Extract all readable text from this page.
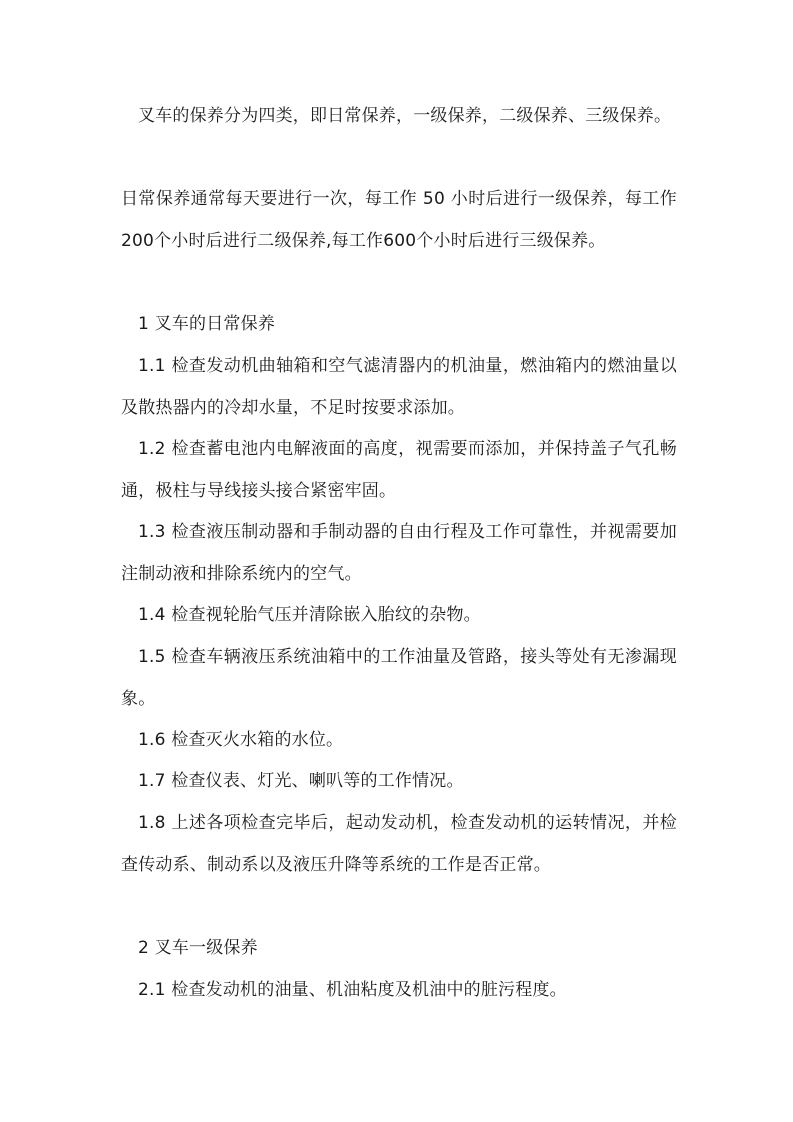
叉车的保养分为四类，即日常保养，一级保养，二级保养、三级保养。

日常保养通常每天要进行一次，每工作 50 小时后进行一级保养，每工作200个小时后进行二级保养,每工作600个小时后进行三级保养。

1 叉车的日常保养

1.1 检查发动机曲轴箱和空气滤清器内的机油量，燃油箱内的燃油量以及散热器内的冷却水量，不足时按要求添加。

1.2 检查蓄电池内电解液面的高度，视需要而添加，并保持盖子气孔畅通，极柱与导线接头接合紧密牢固。

1.3 检查液压制动器和手制动器的自由行程及工作可靠性，并视需要加注制动液和排除系统内的空气。

1.4 检查视轮胎气压并清除嵌入胎纹的杂物。

1.5 检查车辆液压系统油箱中的工作油量及管路，接头等处有无渗漏现象。

1.6 检查灭火水箱的水位。

1.7 检查仪表、灯光、喇叭等的工作情况。

1.8 上述各项检查完毕后，起动发动机，检查发动机的运转情况，并检查传动系、制动系以及液压升降等系统的工作是否正常。

2 叉车一级保养

2.1 检查发动机的油量、机油粘度及机油中的脏污程度。
